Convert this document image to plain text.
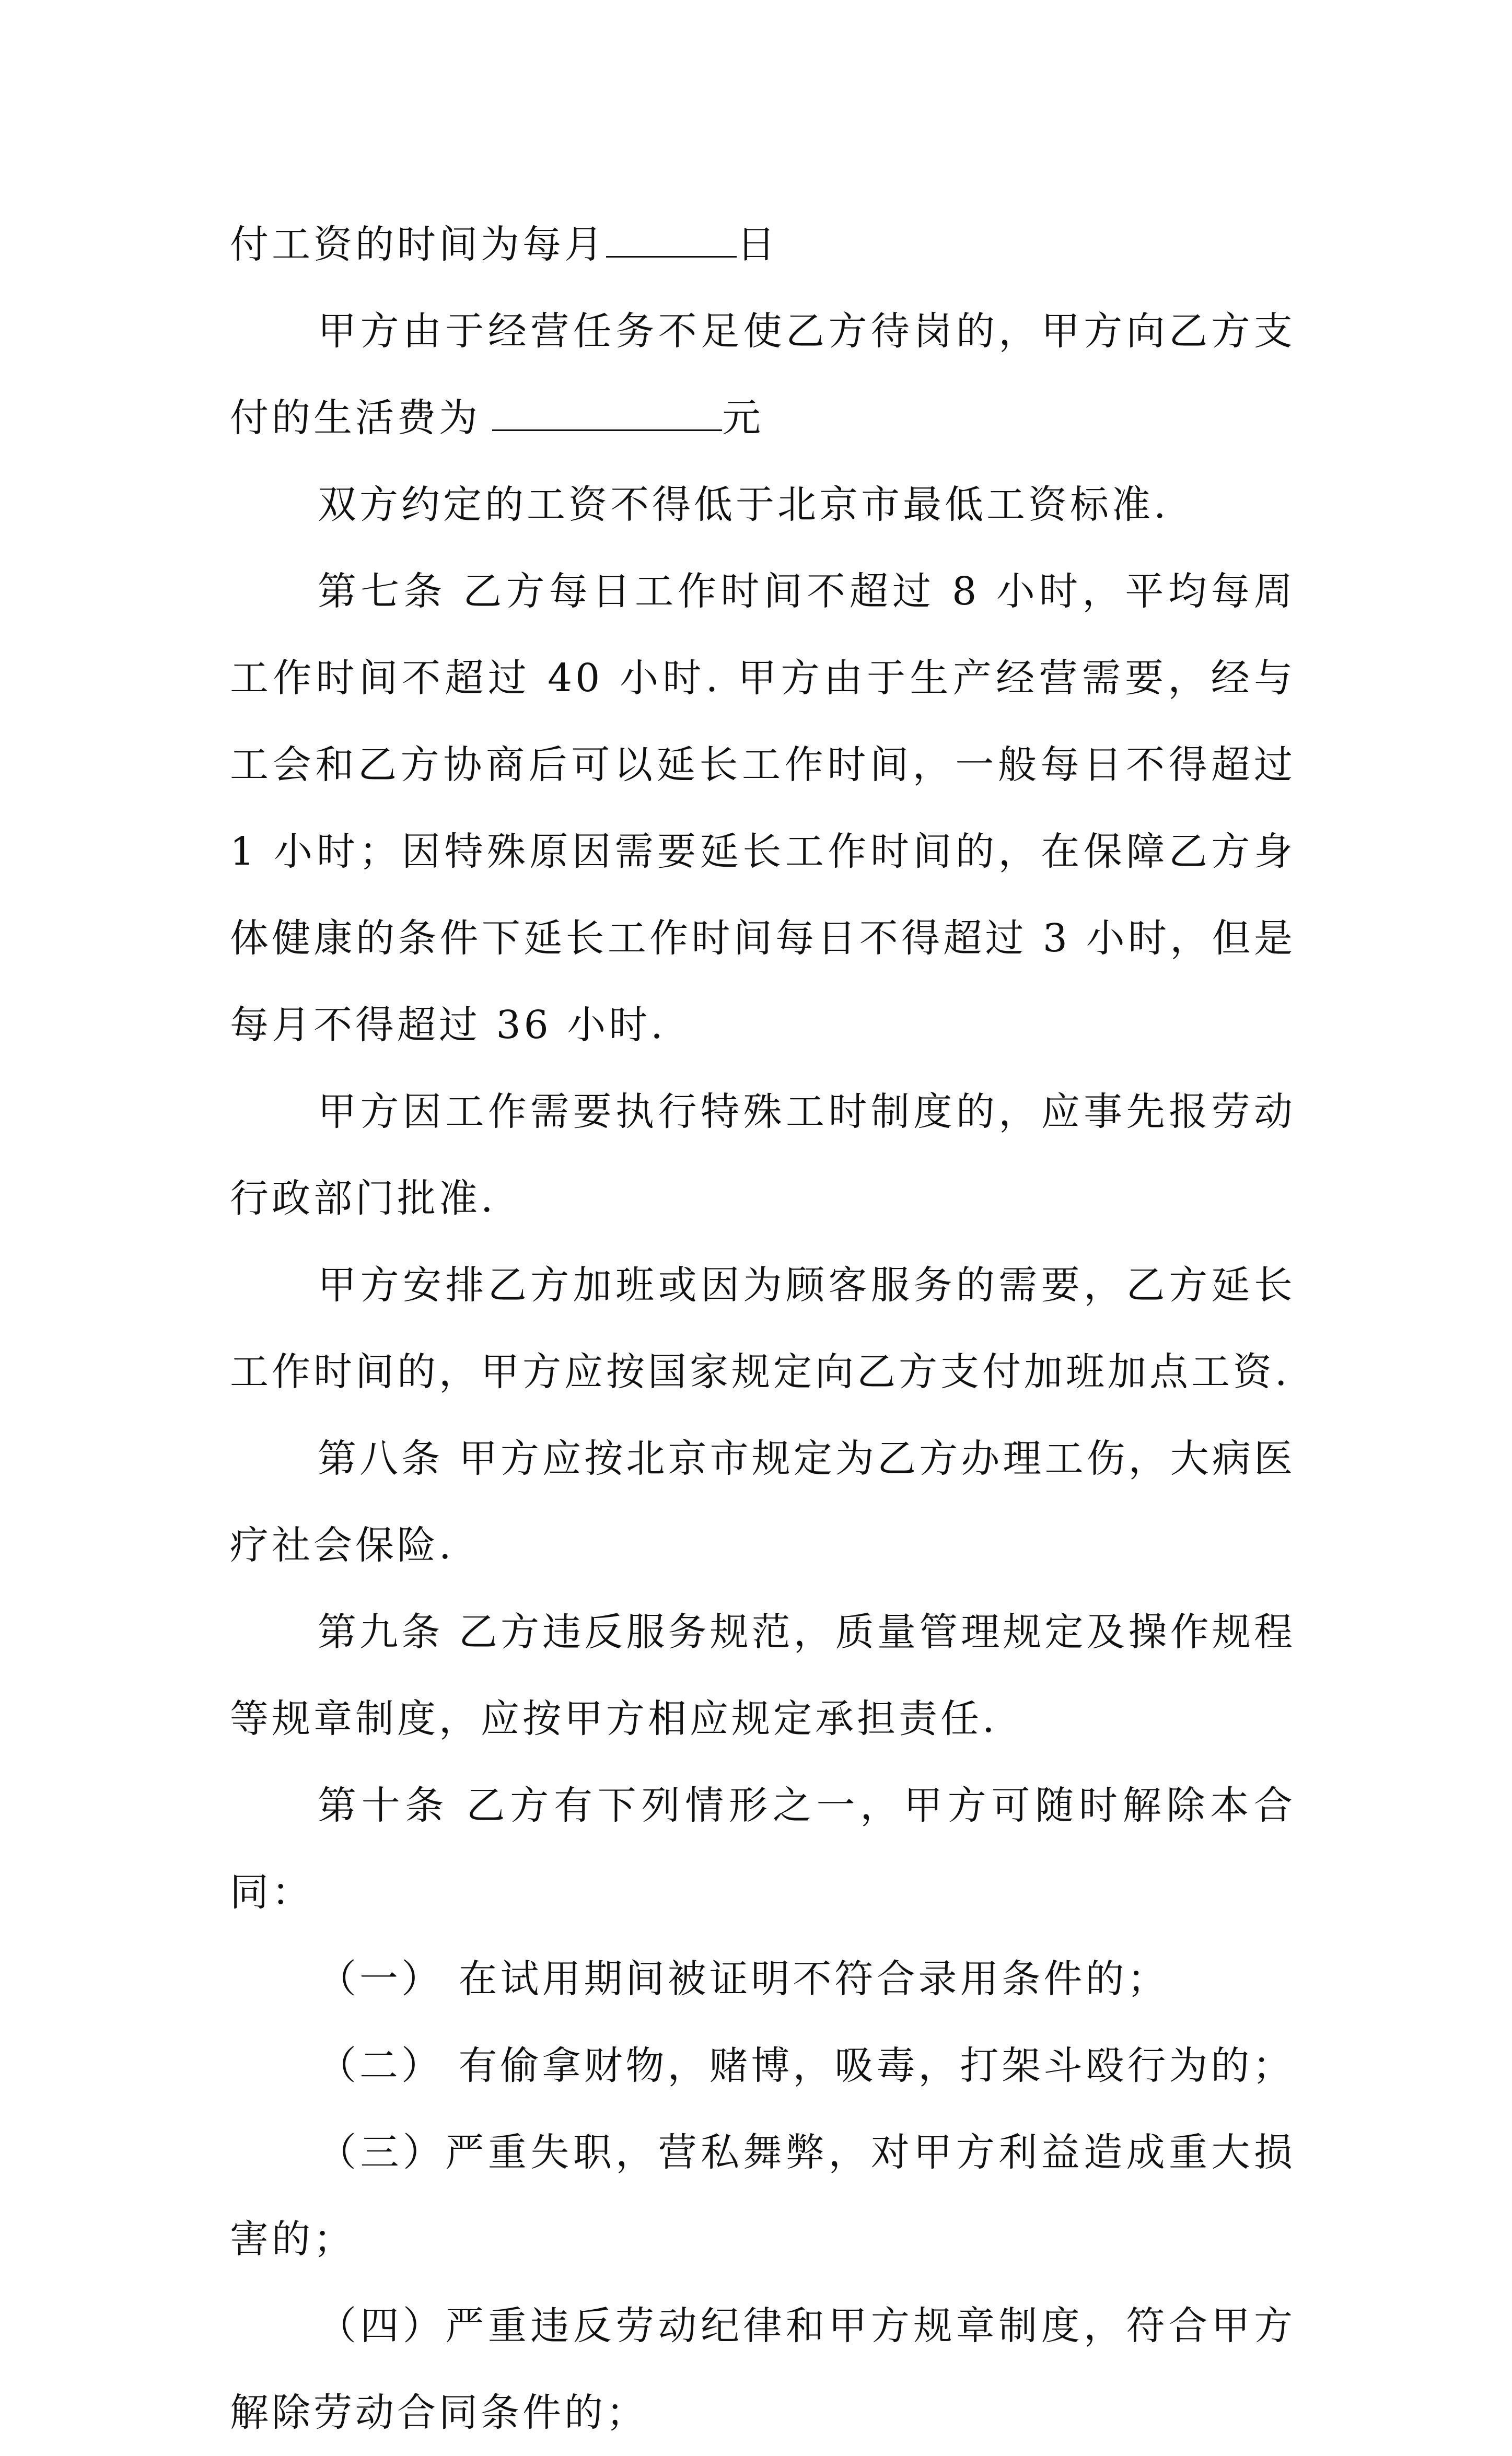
付工资的时间为每月	日

甲方由于经营任务不足使乙方待岗的，甲方向乙方支付的生活费为	元

双方约定的工资不得低于北京市最低工资标准.

第七条 乙方每日工作时间不超过 8 小时，平均每周工作时间不超过 40 小时. 甲方由于生产经营需要，经与工会和乙方协商后可以延长工作时间，一般每日不得超过 1 小时；因特殊原因需要延长工作时间的，在保障乙方身体健康的条件下延长工作时间每日不得超过 3 小时，但是每月不得超过 36 小时.

甲方因工作需要执行特殊工时制度的，应事先报劳动行政部门批准.

甲方安排乙方加班或因为顾客服务的需要，乙方延长工作时间的，甲方应按国家规定向乙方支付加班加点工资.

第八条 甲方应按北京市规定为乙方办理工伤，大病医疗社会保险.

第九条 乙方违反服务规范，质量管理规定及操作规程等规章制度，应按甲方相应规定承担责任.

第十条 乙方有下列情形之一，甲方可随时解除本合同：

（一） 在试用期间被证明不符合录用条件的；

（二） 有偷拿财物，赌博，吸毒，打架斗殴行为的；

（三）严重失职，营私舞弊，对甲方利益造成重大损害的；

（四）严重违反劳动纪律和甲方规章制度，符合甲方解除劳动合同条件的；
